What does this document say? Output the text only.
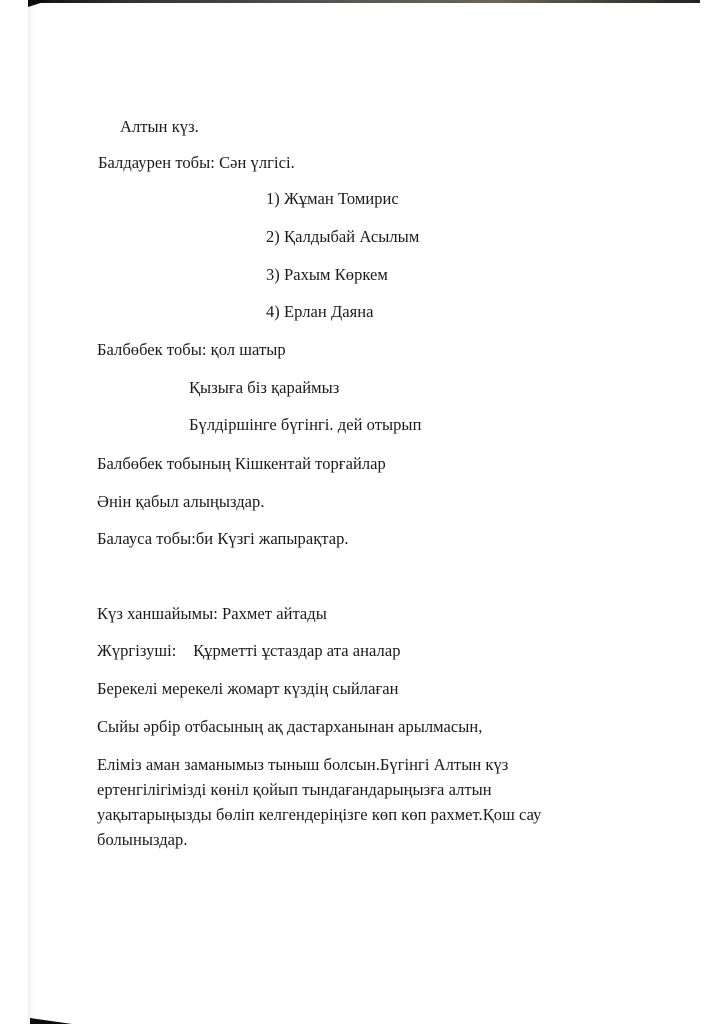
Алтын күз.
Балдаурен тобы: Сән үлгісі.
1) Жұман Томирис
2) Қалдыбай Асылым
3) Рахым Көркем
4) Ерлан Даяна
Балбөбек тобы: қол шатыр
Қызыға біз қараймыз
Бүлдіршінге бүгінгі. дей отырып
Балбөбек тобының Кішкентай торғайлар
Әнін қабыл алыңыздар.
Балауса тобы:би Күзгі жапырақтар.
Күз ханшайымы: Рахмет айтады
Жүргізуші:    Құрметті ұстаздар ата аналар
Берекелі мерекелі жомарт күздің сыйлаған
Сыйы әрбір отбасының ақ дастарханынан арылмасын,
Еліміз аман заманымыз тыныш болсын.Бүгінгі Алтын күз
ертенгілігімізді көніл қойып тындағандарыңызға алтын
уақытарыңызды бөліп келгендеріңізге көп көп рахмет.Қош сау
болыныздар.
